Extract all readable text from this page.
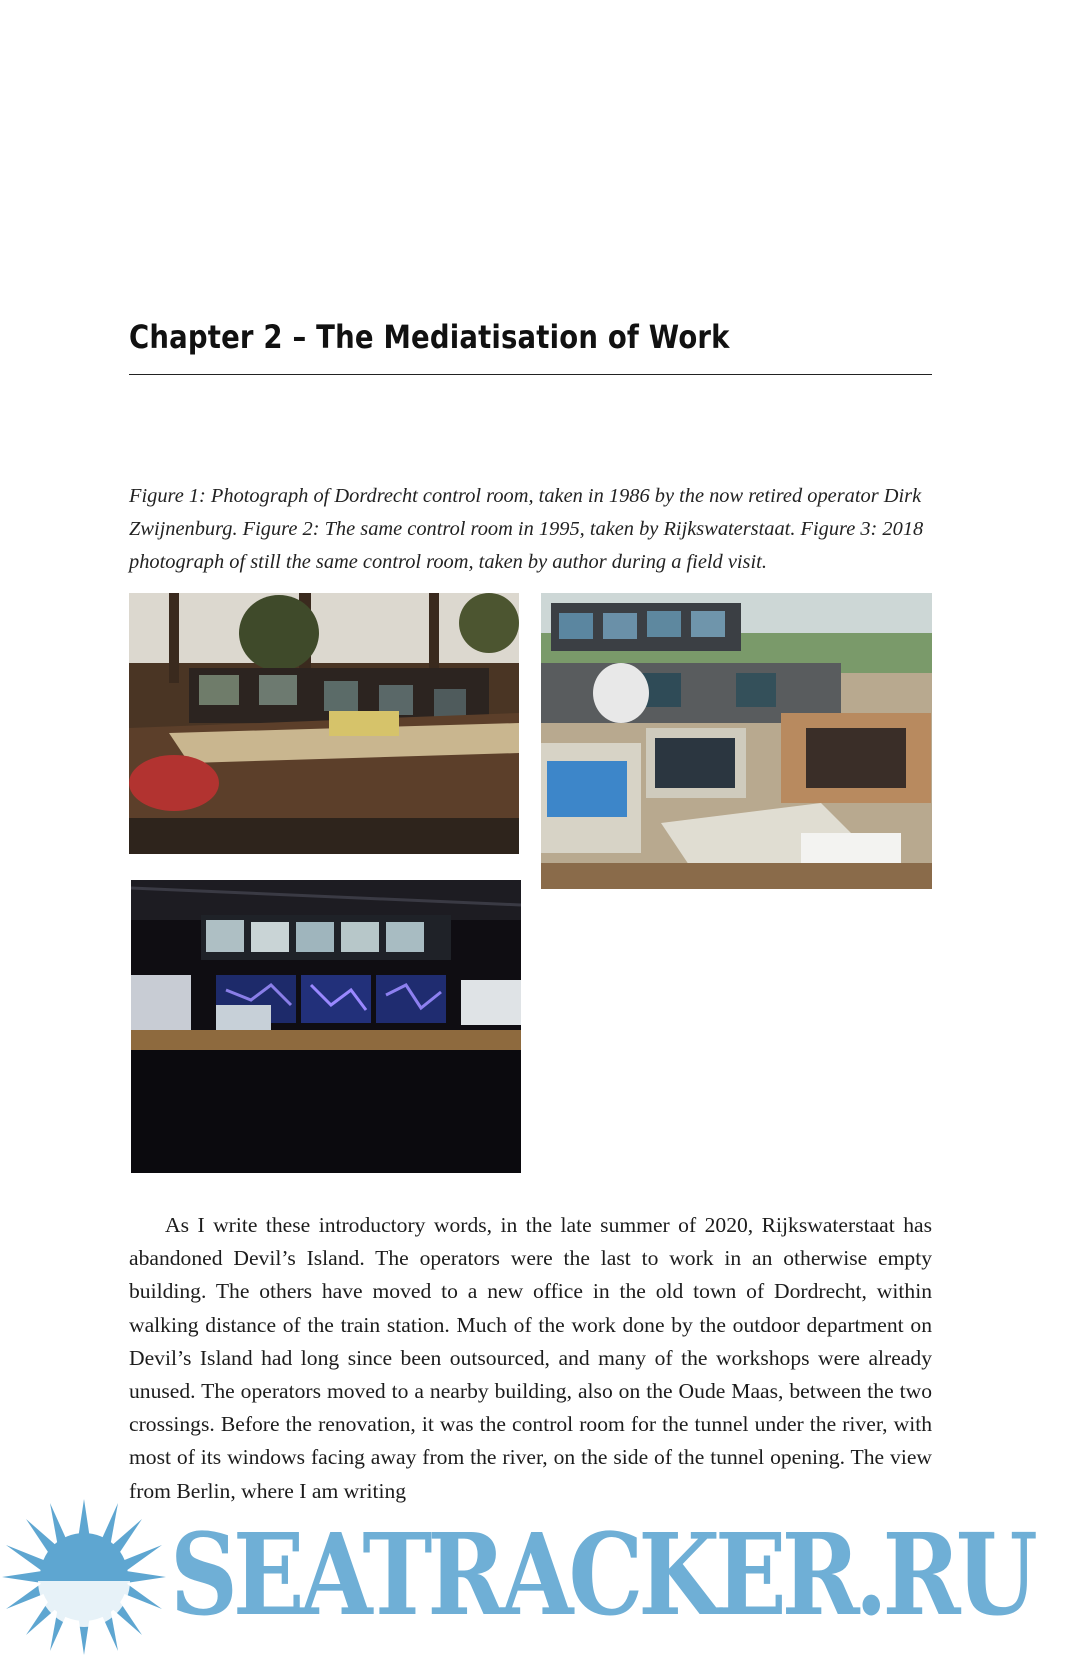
Chapter 2 – The Mediatisation of Work

Figure 1: Photograph of Dordrecht control room, taken in 1986 by the now retired operator Dirk Zwijnenburg. Figure 2: The same control room in 1995, taken by Rijkswaterstaat. Figure 3: 2018 photograph of still the same control room, taken by author during a field visit.

As I write these introductory words, in the late summer of 2020, Rijkswaterstaat has abandoned Devil’s Island. The operators were the last to work in an otherwise empty building. The others have moved to a new office in the old town of Dordrecht, within walking distance of the train station. Much of the work done by the outdoor department on Devil’s Island had long since been outsourced, and many of the workshops were already unused. The operators moved to a nearby building, also on the Oude Maas, between the two crossings. Before the renovation, it was the control room for the tunnel under the river, with most of its windows facing away from the river, on the side of the tunnel opening. The view from Berlin, where I am writing

SEATRACKER.RU
